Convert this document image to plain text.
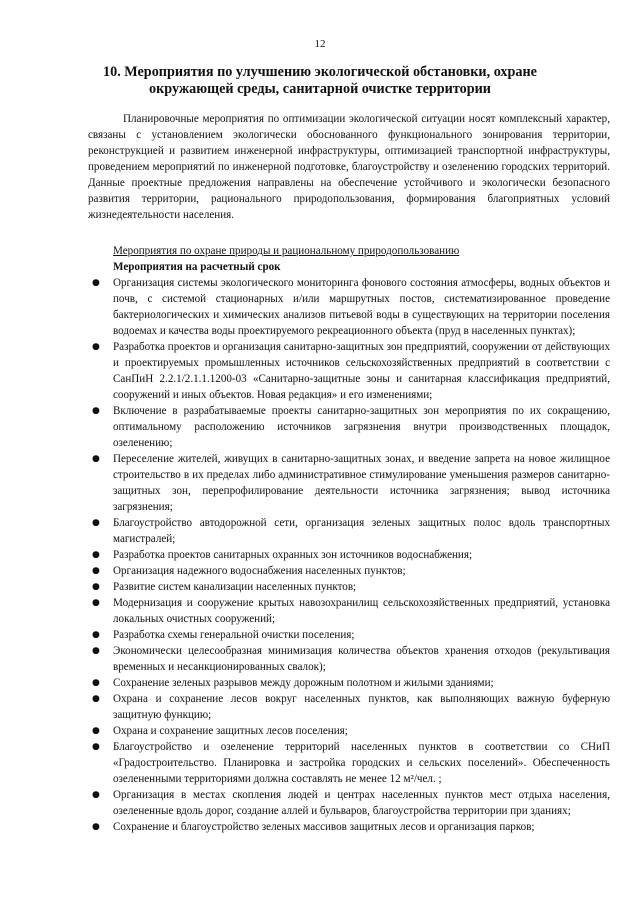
12
10. Мероприятия по улучшению экологической обстановки, охране окружающей среды, санитарной очистке территории

Планировочные мероприятия по оптимизации экологической ситуации носят комплексный характер, связаны с установлением экологически обоснованного функционального зонирования территории, реконструкцией и развитием инженерной инфраструктуры, оптимизацией транспортной инфраструктуры, проведением мероприятий по инженерной подготовке, благоустройству и озеленению городских территорий. Данные проектные предложения направлены на обеспечение устойчивого и экологически безопасного развития территории, рационального природопользования, формирования благоприятных условий жизнедеятельности населения.

Мероприятия по охране природы и рациональному природопользованию
Мероприятия на расчетный срок
● Организация системы экологического мониторинга фонового состояния атмосферы, водных объектов и почв, с системой стационарных и/или маршрутных постов, систематизированное проведение бактериологических и химических анализов питьевой воды в существующих на территории поселения водоемах и качества воды проектируемого рекреационного объекта (пруд в населенных пунктах);
● Разработка проектов и организация санитарно-защитных зон предприятий, сооружении от действующих и проектируемых промышленных источников сельскохозяйственных предприятий в соответствии с СанПиН 2.2.1/2.1.1.1200-03 «Санитарно-защитные зоны и санитарная классификация предприятий, сооружений и иных объектов. Новая редакция» и его изменениями;
● Включение в разрабатываемые проекты санитарно-защитных зон мероприятия по их сокращению, оптимальному расположению источников загрязнения внутри производственных площадок, озеленению;
● Переселение жителей, живущих в санитарно-защитных зонах, и введение запрета на новое жилищное строительство в их пределах либо административное стимулирование уменьшения размеров санитарно-защитных зон, перепрофилирование деятельности источника загрязнения; вывод источника загрязнения;
● Благоустройство автодорожной сети, организация зеленых защитных полос вдоль транспортных магистралей;
● Разработка проектов санитарных охранных зон источников водоснабжения;
● Организация надежного водоснабжения населенных пунктов;
● Развитие систем канализации населенных пунктов;
● Модернизация и сооружение крытых навозохранилищ сельскохозяйственных предприятий, установка локальных очистных сооружений;
● Разработка схемы генеральной очистки поселения;
● Экономически целесообразная минимизация количества объектов хранения отходов (рекультивация временных и несанкционированных свалок);
● Сохранение зеленых разрывов между дорожным полотном и жилыми зданиями;
● Охрана и сохранение лесов вокруг населенных пунктов, как выполняющих важную буферную защитную функцию;
● Охрана и сохранение защитных лесов поселения;
● Благоустройство и озеленение территорий населенных пунктов в соответствии со СНиП «Градостроительство. Планировка и застройка городских и сельских поселений». Обеспеченность озелененными территориями должна составлять не менее 12 м²/чел. ;
● Организация в местах скопления людей и центрах населенных пунктов мест отдыха населения, озелененные вдоль дорог, создание аллей и бульваров, благоустройства территории при зданиях;
● Сохранение и благоустройство зеленых массивов защитных лесов и организация парков;
